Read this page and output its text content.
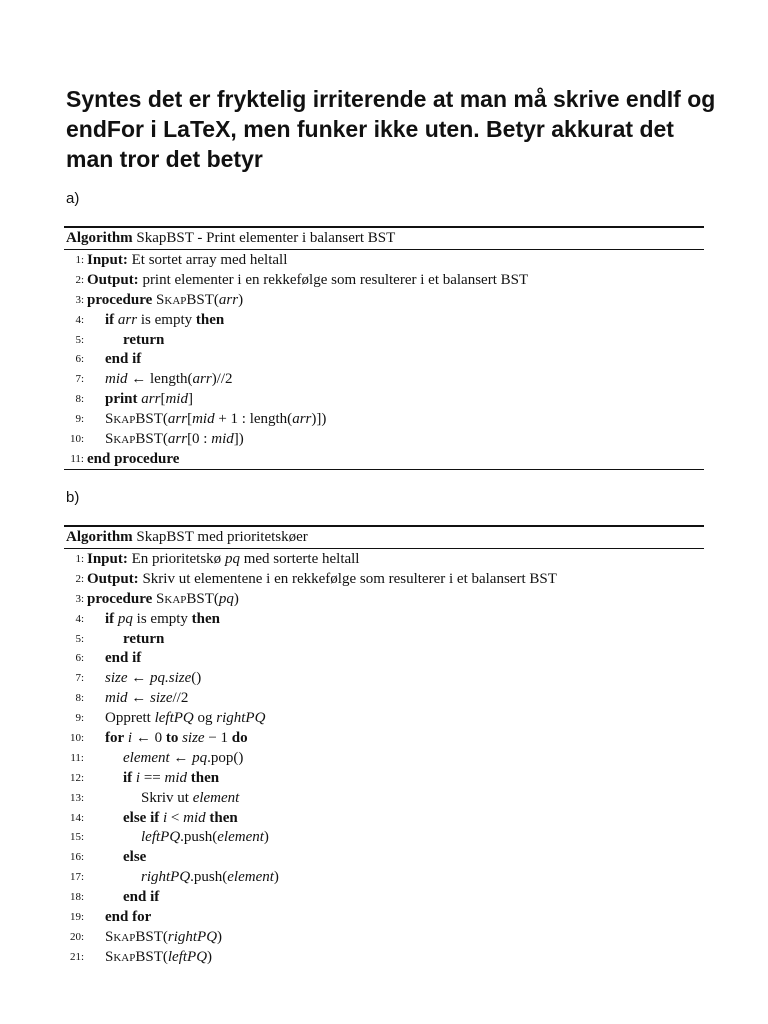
Syntes det er fryktelig irriterende at man må skrive endIf og endFor i LaTeX, men funker ikke uten. Betyr akkurat det man tror det betyr
a)
Algorithm SkapBST - Print elementer i balansert BST
1: Input: Et sortet array med heltall
2: Output: print elementer i en rekkefølge som resulterer i et balansert BST
3: procedure SkapBST(arr)
4: if arr is empty then
5:	return
6: end if
7: mid ← length(arr)//2
8: print arr[mid]
9: SkapBST(arr[mid + 1 : length(arr)])
10: SkapBST(arr[0 : mid])
11: end procedure
b)
Algorithm SkapBST med prioritetskøer
1: Input: En prioritetskø pq med sorterte heltall
2: Output: Skriv ut elementene i en rekkefølge som resulterer i et balansert BST
3: procedure SkapBST(pq)
4: if pq is empty then
5:	return
6: end if
7: size ← pq.size()
8: mid ← size//2
9: Opprett leftPQ og rightPQ
10: for i ← 0 to size − 1 do
11:	element ← pq.pop()
12:	if i == mid then
13:	Skriv ut element
14:	else if i < mid then
15:	leftPQ.push(element)
16:	else
17:	rightPQ.push(element)
18:	end if
19: end for
20: SkapBST(rightPQ)
21: SkapBST(leftPQ)
